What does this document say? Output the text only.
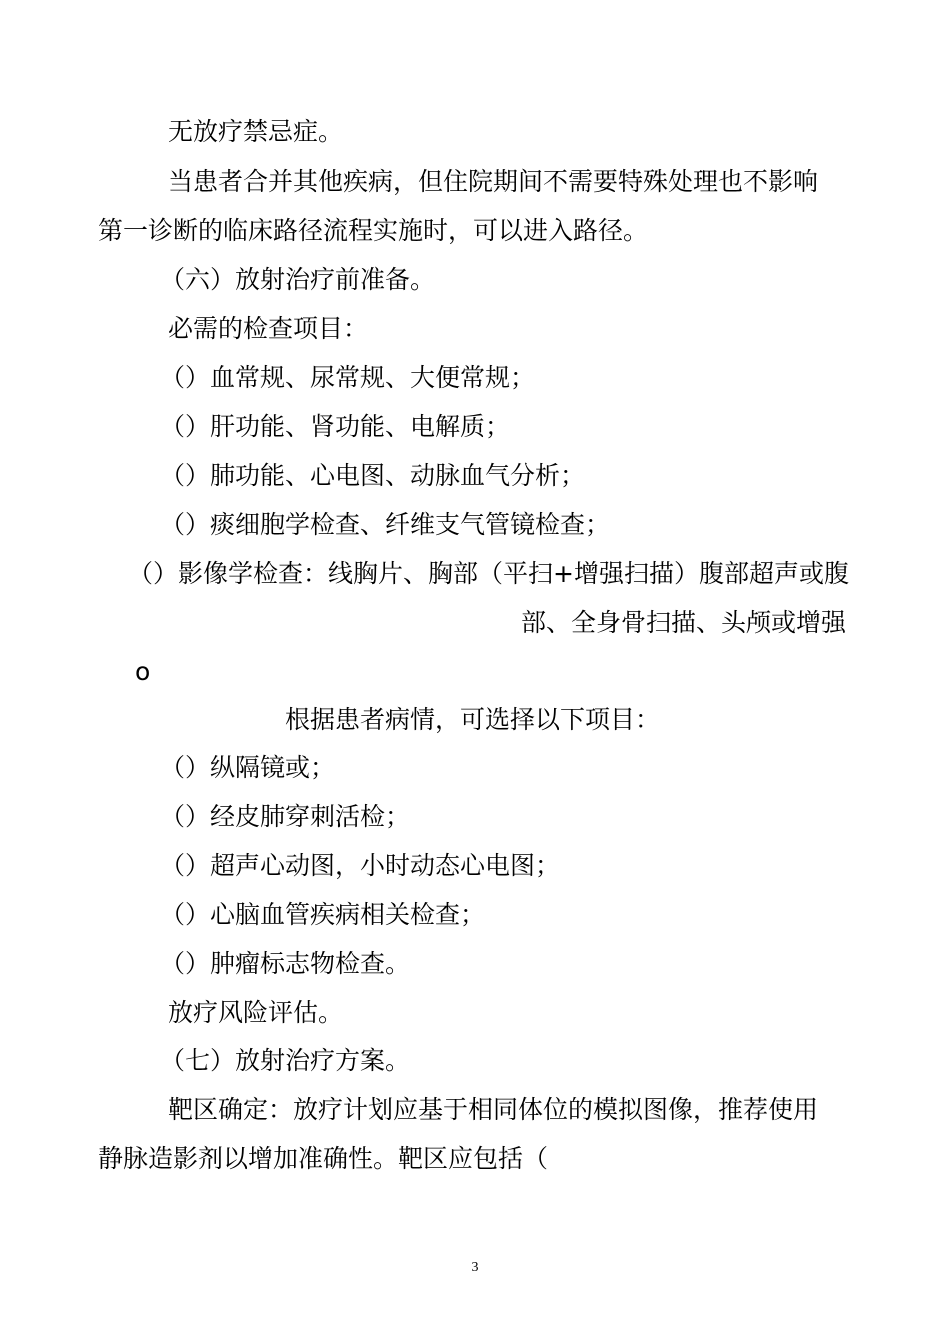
无放疗禁忌症。

当患者合并其他疾病，但住院期间不需要特殊处理也不影响

第一诊断的临床路径流程实施时，可以进入路径。

（六）放射治疗前准备。

必需的检查项目：

（）血常规、尿常规、大便常规；

（）肝功能、肾功能、电解质；

（）肺功能、心电图、动脉血气分析；

（）痰细胞学检查、纤维支气管镜检查；

（）影像学检查：线胸片、胸部（平扫+增强扫描）腹部超声或腹

部、全身骨扫描、头颅或增强

o

根据患者病情，可选择以下项目：

（）纵隔镜或；

（）经皮肺穿刺活检；

（）超声心动图，小时动态心电图；

（）心脑血管疾病相关检查；

（）肿瘤标志物检查。

放疗风险评估。

（七）放射治疗方案。

靶区确定：放疗计划应基于相同体位的模拟图像，推荐使用

静脉造影剂以增加准确性。靶区应包括（

3
